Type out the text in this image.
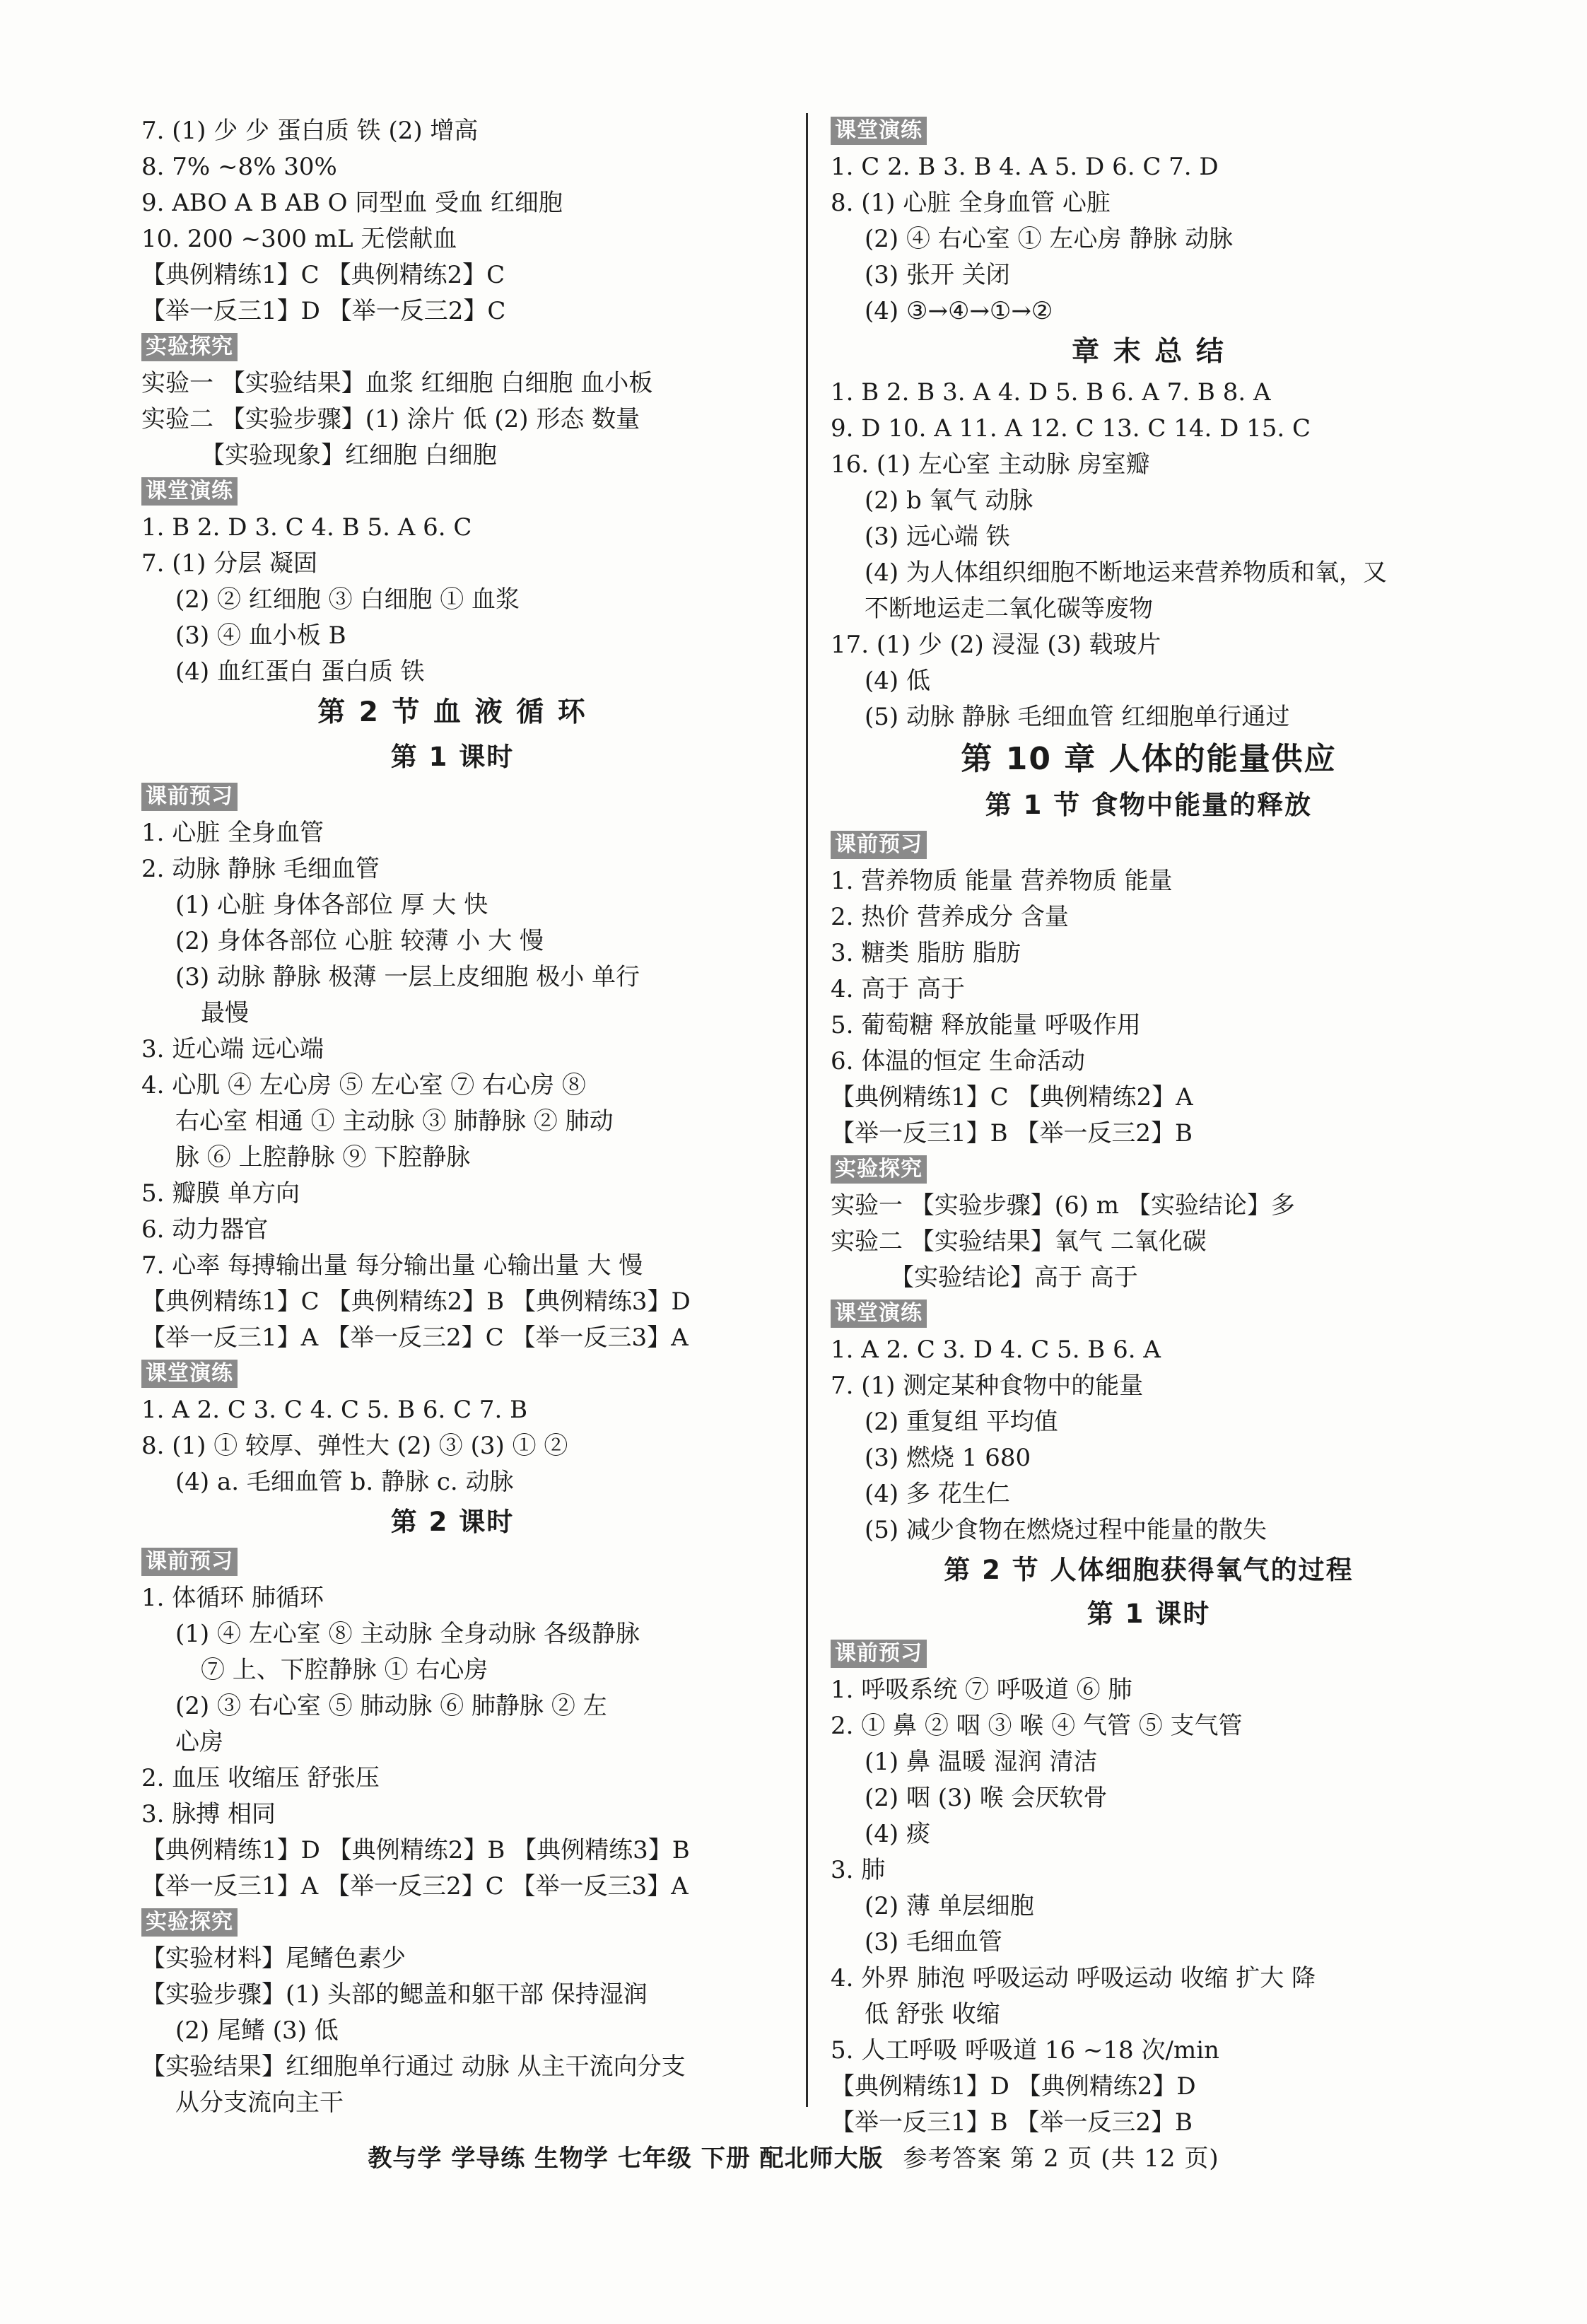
7. (1) 少 少 蛋白质 铁 (2) 增高
8. 7% ~8% 30%
9. ABO A B AB O 同型血 受血 红细胞
10. 200 ~300 mL 无偿献血
【典例精练1】C 【典例精练2】C
【举一反三1】D 【举一反三2】C
实验探究
实验一 【实验结果】血浆 红细胞 白细胞 血小板
实验二 【实验步骤】(1) 涂片 低 (2) 形态 数量
【实验现象】红细胞 白细胞
课堂演练
1. B 2. D 3. C 4. B 5. A 6. C
7. (1) 分层 凝固
(2) ② 红细胞 ③ 白细胞 ① 血浆
(3) ④ 血小板 B
(4) 血红蛋白 蛋白质 铁
第 2 节 血 液 循 环
第 1 课时
课前预习
1. 心脏 全身血管
2. 动脉 静脉 毛细血管
(1) 心脏 身体各部位 厚 大 快
(2) 身体各部位 心脏 较薄 小 大 慢
(3) 动脉 静脉 极薄 一层上皮细胞 极小 单行
最慢
3. 近心端 远心端
4. 心肌 ④ 左心房 ⑤ 左心室 ⑦ 右心房 ⑧
右心室 相通 ① 主动脉 ③ 肺静脉 ② 肺动
脉 ⑥ 上腔静脉 ⑨ 下腔静脉
5. 瓣膜 单方向
6. 动力器官
7. 心率 每搏输出量 每分输出量 心输出量 大 慢
【典例精练1】C 【典例精练2】B 【典例精练3】D
【举一反三1】A 【举一反三2】C 【举一反三3】A
课堂演练
1. A 2. C 3. C 4. C 5. B 6. C 7. B
8. (1) ① 较厚、弹性大 (2) ③ (3) ① ②
(4) a. 毛细血管 b. 静脉 c. 动脉
第 2 课时
课前预习
1. 体循环 肺循环
(1) ④ 左心室 ⑧ 主动脉 全身动脉 各级静脉
⑦ 上、下腔静脉 ① 右心房
(2) ③ 右心室 ⑤ 肺动脉 ⑥ 肺静脉 ② 左
心房
2. 血压 收缩压 舒张压
3. 脉搏 相同
【典例精练1】D 【典例精练2】B 【典例精练3】B
【举一反三1】A 【举一反三2】C 【举一反三3】A
实验探究
【实验材料】尾鳍色素少
【实验步骤】(1) 头部的鳃盖和躯干部 保持湿润
(2) 尾鳍 (3) 低
【实验结果】红细胞单行通过 动脉 从主干流向分支
从分支流向主干
课堂演练
1. C 2. B 3. B 4. A 5. D 6. C 7. D
8. (1) 心脏 全身血管 心脏
(2) ④ 右心室 ① 左心房 静脉 动脉
(3) 张开 关闭
(4) ③→④→①→②
章 末 总 结
1. B 2. B 3. A 4. D 5. B 6. A 7. B 8. A
9. D 10. A 11. A 12. C 13. C 14. D 15. C
16. (1) 左心室 主动脉 房室瓣
(2) b 氧气 动脉
(3) 远心端 铁
(4) 为人体组织细胞不断地运来营养物质和氧，又
不断地运走二氧化碳等废物
17. (1) 少 (2) 浸湿 (3) 载玻片
(4) 低
(5) 动脉 静脉 毛细血管 红细胞单行通过
第 10 章 人体的能量供应
第 1 节 食物中能量的释放
课前预习
1. 营养物质 能量 营养物质 能量
2. 热价 营养成分 含量
3. 糖类 脂肪 脂肪
4. 高于 高于
5. 葡萄糖 释放能量 呼吸作用
6. 体温的恒定 生命活动
【典例精练1】C 【典例精练2】A
【举一反三1】B 【举一反三2】B
实验探究
实验一 【实验步骤】(6) m 【实验结论】多
实验二 【实验结果】氧气 二氧化碳
【实验结论】高于 高于
课堂演练
1. A 2. C 3. D 4. C 5. B 6. A
7. (1) 测定某种食物中的能量
(2) 重复组 平均值
(3) 燃烧 1 680
(4) 多 花生仁
(5) 减少食物在燃烧过程中能量的散失
第 2 节 人体细胞获得氧气的过程
第 1 课时
课前预习
1. 呼吸系统 ⑦ 呼吸道 ⑥ 肺
2. ① 鼻 ② 咽 ③ 喉 ④ 气管 ⑤ 支气管
(1) 鼻 温暖 湿润 清洁
(2) 咽 (3) 喉 会厌软骨
(4) 痰
3. 肺
(2) 薄 单层细胞
(3) 毛细血管
4. 外界 肺泡 呼吸运动 呼吸运动 收缩 扩大 降
低 舒张 收缩
5. 人工呼吸 呼吸道 16 ~18 次/min
【典例精练1】D 【典例精练2】D
【举一反三1】B 【举一反三2】B
教与学 学导练 生物学 七年级 下册 配北师大版 参考答案 第 2 页 (共 12 页)
